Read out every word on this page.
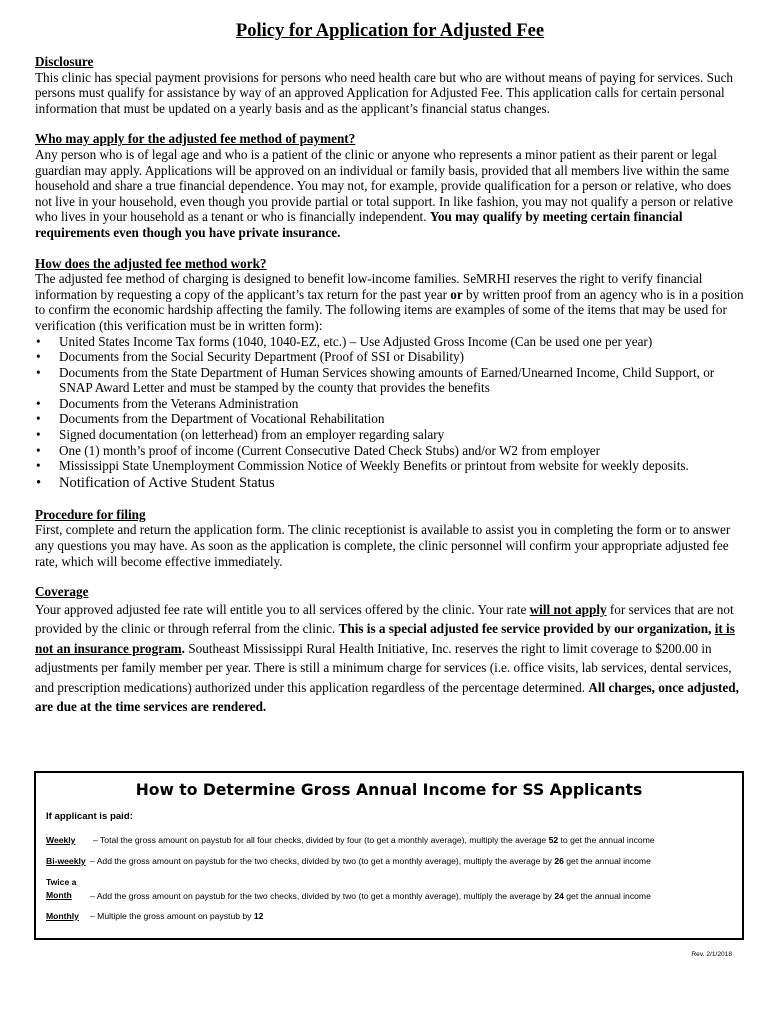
Policy for Application for Adjusted Fee
Disclosure

This clinic has special payment provisions for persons who need health care but who are without means of paying for services. Such persons must qualify for assistance by way of an approved Application for Adjusted Fee. This application calls for certain personal information that must be updated on a yearly basis and as the applicant’s financial status changes.

Who may apply for the adjusted fee method of payment?

Any person who is of legal age and who is a patient of the clinic or anyone who represents a minor patient as their parent or legal guardian may apply. Applications will be approved on an individual or family basis, provided that all members live within the same household and share a true financial dependence. You may not, for example, provide qualification for a person or relative, who does not live in your household, even though you provide partial or total support. In like fashion, you may not qualify a person or relative who lives in your household as a tenant or who is financially independent. You may qualify by meeting certain financial requirements even though you have private insurance.

How does the adjusted fee method work?

The adjusted fee method of charging is designed to benefit low-income families. SeMRHI reserves the right to verify financial information by requesting a copy of the applicant’s tax return for the past year or by written proof from an agency who is in a position to confirm the economic hardship affecting the family. The following items are examples of some of the items that may be used for verification (this verification must be in written form):

• United States Income Tax forms (1040, 1040-EZ, etc.) – Use Adjusted Gross Income (Can be used one per year)
• Documents from the Social Security Department (Proof of SSI or Disability)
• Documents from the State Department of Human Services showing amounts of Earned/Unearned Income, Child Support, or SNAP Award Letter and must be stamped by the county that provides the benefits
• Documents from the Veterans Administration
• Documents from the Department of Vocational Rehabilitation
• Signed documentation (on letterhead) from an employer regarding salary
• One (1) month’s proof of income (Current Consecutive Dated Check Stubs) and/or W2 from employer
• Mississippi State Unemployment Commission Notice of Weekly Benefits or printout from website for weekly deposits.
• Notification of Active Student Status
Procedure for filing

First, complete and return the application form. The clinic receptionist is available to assist you in completing the form or to answer any questions you may have. As soon as the application is complete, the clinic personnel will confirm your appropriate adjusted fee rate, which will become effective immediately.

Coverage

Your approved adjusted fee rate will entitle you to all services offered by the clinic. Your rate will not apply for services that are not provided by the clinic or through referral from the clinic. This is a special adjusted fee service provided by our organization, it is not an insurance program. Southeast Mississippi Rural Health Initiative, Inc. reserves the right to limit coverage to $200.00 in adjustments per family member per year. There is still a minimum charge for services (i.e. office visits, lab services, dental services, and prescription medications) authorized under this application regardless of the percentage determined. All charges, once adjusted, are due at the time services are rendered.

How to Determine Gross Annual Income for SS Applicants
If applicant is paid:
Weekly – Total the gross amount on paystub for all four checks, divided by four (to get a monthly average), multiply the average 52 to get the annual income
Bi-weekly – Add the gross amount on paystub for the two checks, divided by two (to get a monthly average), multiply the average by 26 get the annual income
Twice a
Month	– Add the gross amount on paystub for the two checks, divided by two (to get a monthly average), multiply the average by 24 get the annual income
Monthly – Multiple the gross amount on paystub by 12
Rev. 2/1/2018
